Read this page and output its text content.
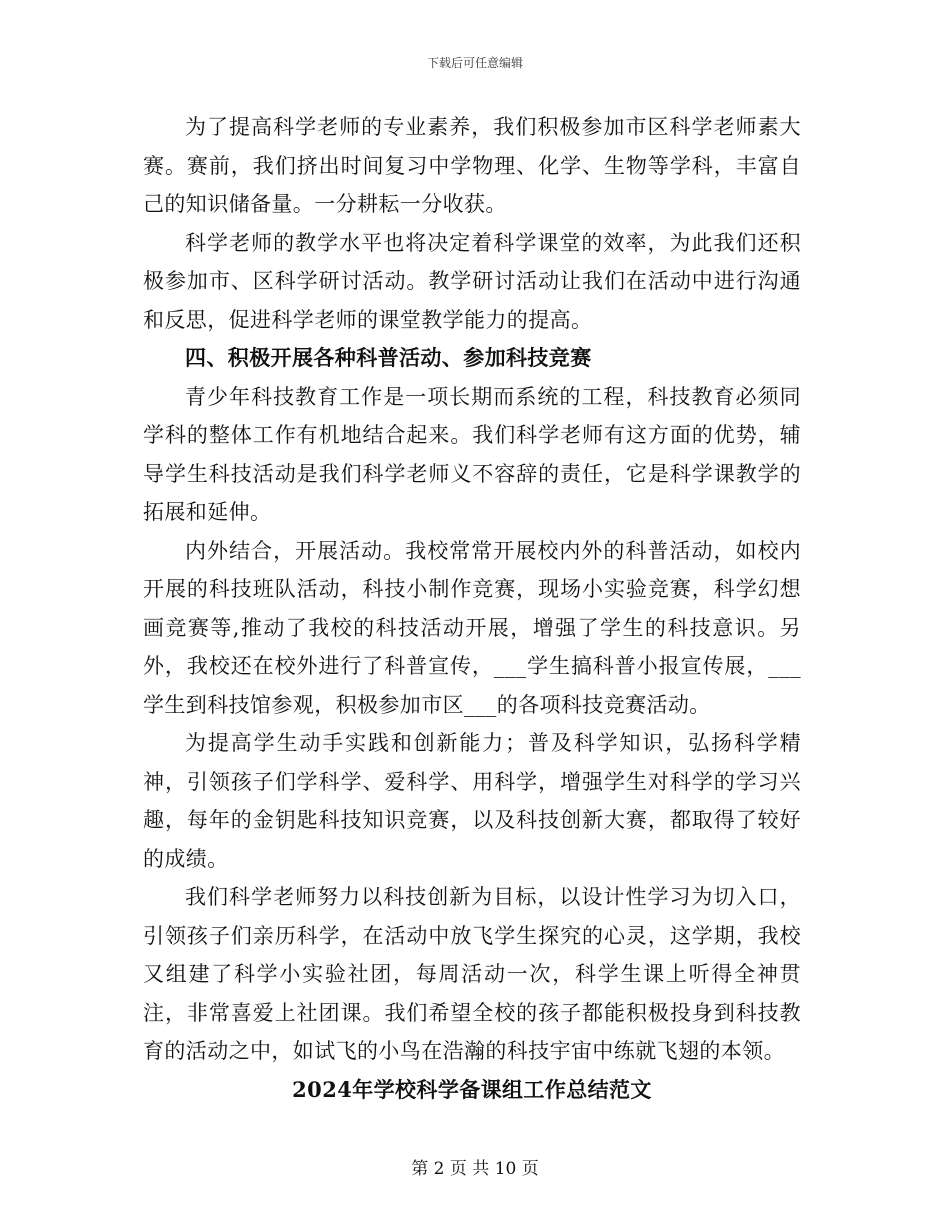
下载后可任意编辑

为了提高科学老师的专业素养，我们积极参加市区科学老师素大赛。赛前，我们挤出时间复习中学物理、化学、生物等学科，丰富自己的知识储备量。一分耕耘一分收获。

科学老师的教学水平也将决定着科学课堂的效率，为此我们还积极参加市、区科学研讨活动。教学研讨活动让我们在活动中进行沟通和反思，促进科学老师的课堂教学能力的提高。

四、积极开展各种科普活动、参加科技竞赛

青少年科技教育工作是一项长期而系统的工程，科技教育必须同学科的整体工作有机地结合起来。我们科学老师有这方面的优势，辅导学生科技活动是我们科学老师义不容辞的责任，它是科学课教学的拓展和延伸。

内外结合，开展活动。我校常常开展校内外的科普活动，如校内开展的科技班队活动，科技小制作竞赛，现场小实验竞赛，科学幻想画竞赛等,推动了我校的科技活动开展，增强了学生的科技意识。另外，我校还在校外进行了科普宣传，___学生搞科普小报宣传展，___学生到科技馆参观，积极参加市区___的各项科技竞赛活动。

为提高学生动手实践和创新能力；普及科学知识，弘扬科学精神，引领孩子们学科学、爱科学、用科学，增强学生对科学的学习兴趣，每年的金钥匙科技知识竞赛，以及科技创新大赛，都取得了较好的成绩。

我们科学老师努力以科技创新为目标，以设计性学习为切入口，引领孩子们亲历科学，在活动中放飞学生探究的心灵，这学期，我校又组建了科学小实验社团，每周活动一次，科学生课上听得全神贯注，非常喜爱上社团课。我们希望全校的孩子都能积极投身到科技教育的活动之中，如试飞的小鸟在浩瀚的科技宇宙中练就飞翅的本领。

2024年学校科学备课组工作总结范文

第 2 页 共 10 页
